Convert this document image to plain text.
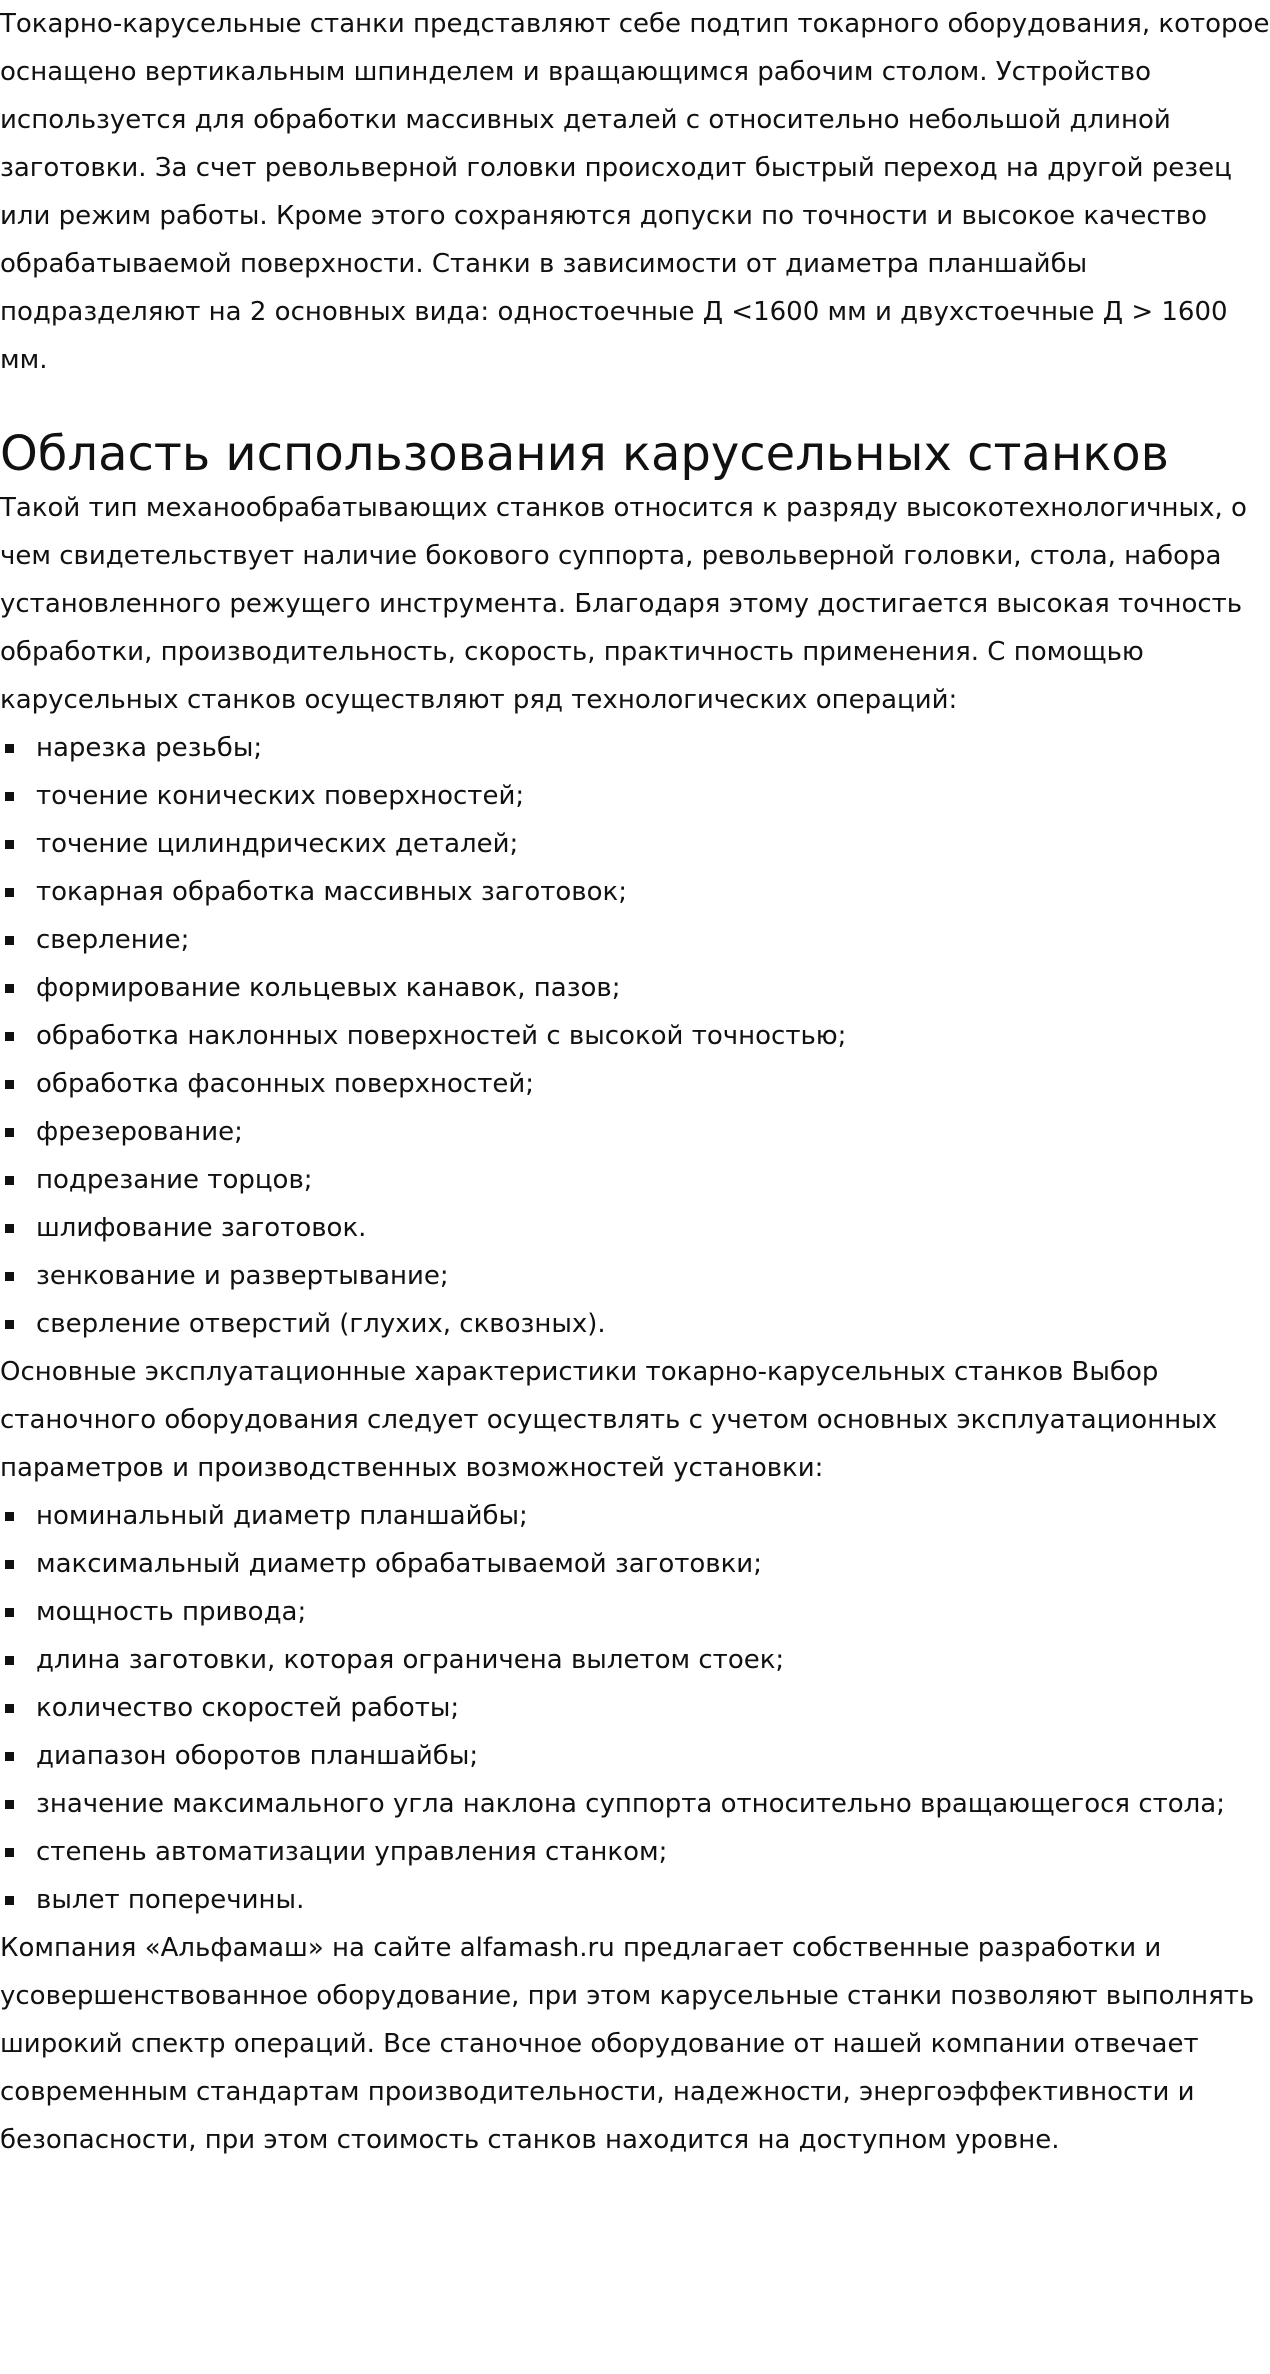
Токарно-карусельные станки представляют себе подтип токарного оборудования, которое оснащено вертикальным шпинделем и вращающимся рабочим столом. Устройство используется для обработки массивных деталей с относительно небольшой длиной заготовки. За счет револьверной головки происходит быстрый переход на другой резец или режим работы. Кроме этого сохраняются допуски по точности и высокое качество обрабатываемой поверхности. Станки в зависимости от диаметра планшайбы подразделяют на 2 основных вида: одностоечные Д <1600 мм и двухстоечные Д > 1600 мм.

Область использования карусельных станков

Такой тип механообрабатывающих станков относится к разряду высокотехнологичных, о чем свидетельствует наличие бокового суппорта, револьверной головки, стола, набора установленного режущего инструмента. Благодаря этому достигается высокая точность обработки, производительность, скорость, практичность применения. С помощью карусельных станков осуществляют ряд технологических операций:

нарезка резьбы;
точение конических поверхностей;
точение цилиндрических деталей;
токарная обработка массивных заготовок;
сверление;
формирование кольцевых канавок, пазов;
обработка наклонных поверхностей с высокой точностью;
обработка фасонных поверхностей;
фрезерование;
подрезание торцов;
шлифование заготовок.
зенкование и развертывание;
сверление отверстий (глухих, сквозных).

Основные эксплуатационные характеристики токарно-карусельных станков Выбор станочного оборудования следует осуществлять с учетом основных эксплуатационных параметров и производственных возможностей установки:

номинальный диаметр планшайбы;
максимальный диаметр обрабатываемой заготовки;
мощность привода;
длина заготовки, которая ограничена вылетом стоек;
количество скоростей работы;
диапазон оборотов планшайбы;
значение максимального угла наклона суппорта относительно вращающегося стола;
степень автоматизации управления станком;
вылет поперечины.

Компания «Альфамаш» на сайте alfamash.ru предлагает собственные разработки и усовершенствованное оборудование, при этом карусельные станки позволяют выполнять широкий спектр операций. Все станочное оборудование от нашей компании отвечает современным стандартам производительности, надежности, энергоэффективности и безопасности, при этом стоимость станков находится на доступном уровне.
